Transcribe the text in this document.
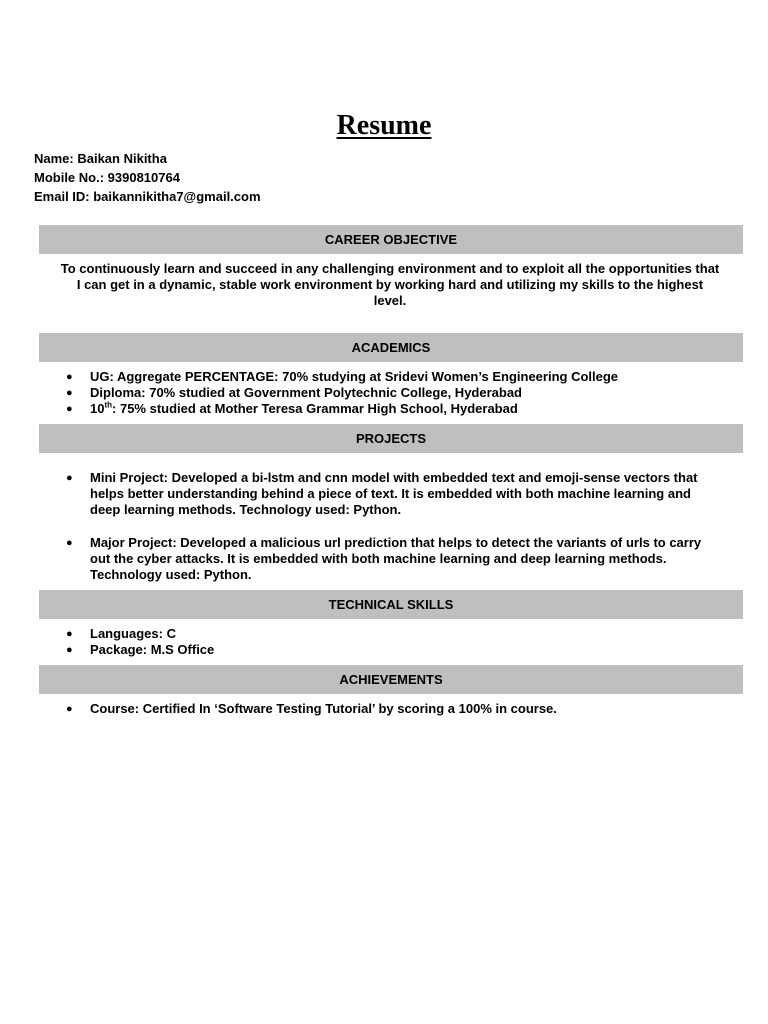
Resume
Name: Baikan Nikitha
Mobile No.: 9390810764
Email ID: baikannikitha7@gmail.com
CAREER OBJECTIVE
To continuously learn and succeed in any challenging environment and to exploit all the opportunities that I can get in a dynamic, stable work environment by working hard and utilizing my skills to the highest level.
ACADEMICS
● UG: Aggregate PERCENTAGE: 70% studying at Sridevi Women’s Engineering College
● Diploma: 70% studied at Government Polytechnic College, Hyderabad
● 10th: 75% studied at Mother Teresa Grammar High School, Hyderabad
PROJECTS
● Mini Project: Developed a bi-lstm and cnn model with embedded text and emoji-sense vectors that helps better understanding behind a piece of text. It is embedded with both machine learning and deep learning methods. Technology used: Python.
● Major Project: Developed a malicious url prediction that helps to detect the variants of urls to carry out the cyber attacks. It is embedded with both machine learning and deep learning methods. Technology used: Python.
TECHNICAL SKILLS
● Languages: C
● Package: M.S Office
ACHIEVEMENTS
● Course: Certified In ‘Software Testing Tutorial’ by scoring a 100% in course.
